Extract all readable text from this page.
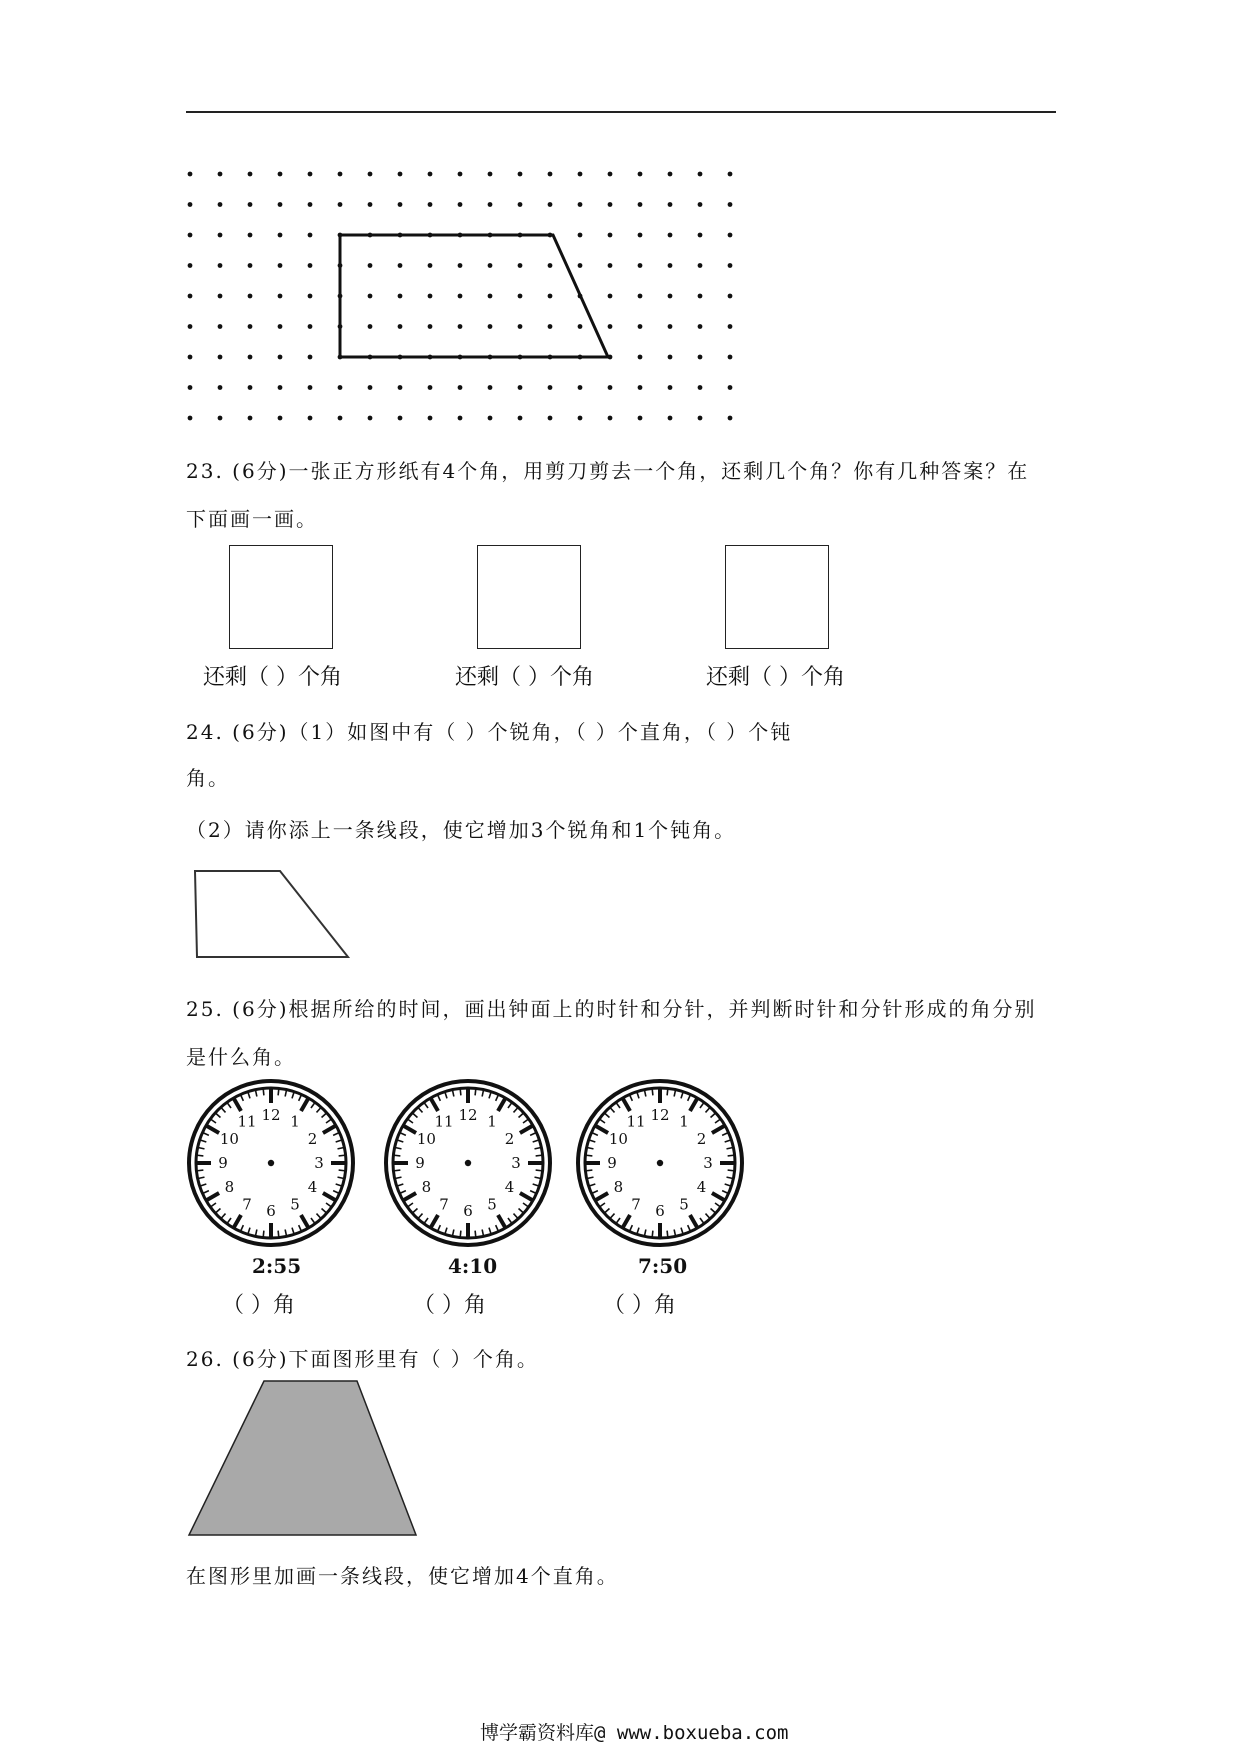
23. (6分)一张正方形纸有4个角，用剪刀剪去一个角，还剩几个角？你有几种答案？在
下面画一画。
还剩（ ）个角	还剩（ ）个角	还剩（ ）个角
24. (6分)（1）如图中有（ ）个锐角，（ ）个直角，（ ）个钝
角。
（2）请你添上一条线段，使它增加3个锐角和1个钝角。
25. (6分)根据所给的时间，画出钟面上的时针和分针，并判断时针和分针形成的角分别
是什么角。
12 1
2
3
4
5
6
7
8
9
10
11	12 1
2
3
4
5
6
7
8
9
10
11	12 1
2
3
4
5
6
7
8
9
10
11
2:55	4:10	7:50
（ ）角	（ ）角	（ ）角
26. (6分)下面图形里有（ ）个角。
在图形里加画一条线段，使它增加4个直角。
博学霸资料库@ www.boxueba.com
